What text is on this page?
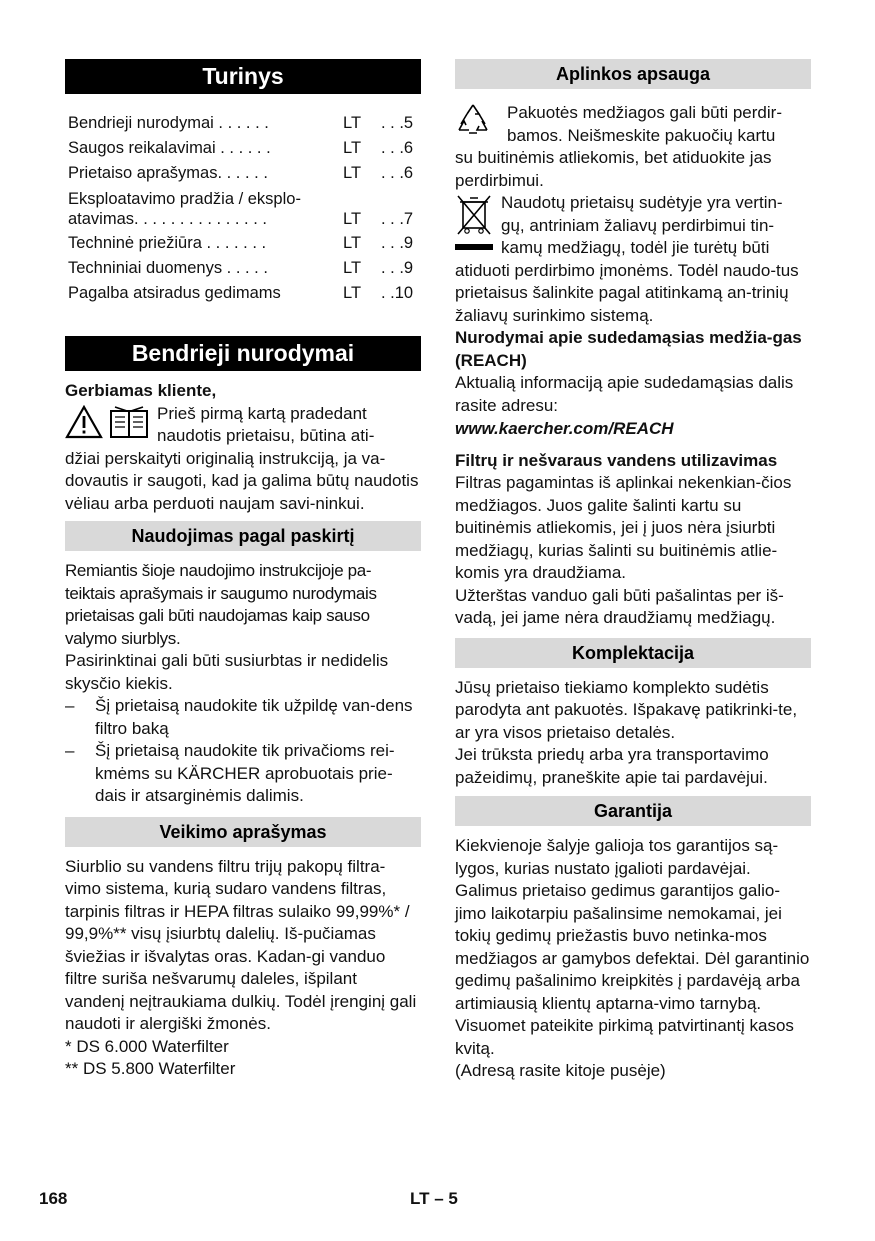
Turinys
Bendrieji nurodymai . . . . . .	LT	. . .5
Saugos reikalavimai . . . . . .	LT	. . .6
Prietaiso aprašymas. . . . . .	LT	. . .6
Eksploatavimo pradžia / eksplo-
atavimas. . . . . . . . . . . . . . .	LT	. . .7
Techninė priežiūra . . . . . . .	LT	. . .9
Techniniai duomenys . . . . .	LT	. . .9
Pagalba atsiradus gedimams	LT	. .10
Bendrieji nurodymai

Gerbiamas kliente,

Prieš pirmą kartą pradedant

naudotis prietaisu, būtina ati-

džiai perskaityti originalią instrukciją, ja va-dovautis ir saugoti, kad ja galima būtų naudotis vėliau arba perduoti naujam savi-ninkui.

Naudojimas pagal paskirtį

Remiantis šioje naudojimo instrukcijoje pa-teiktais aprašymais ir saugumo nurodymais prietaisas gali būti naudojamas kaip sauso valymo siurblys.

Pasirinktinai gali būti susiurbtas ir nedidelis skysčio kiekis.

–	Šį prietaisą naudokite tik užpildę van-dens filtro baką
–	Šį prietaisą naudokite tik privačioms rei-kmėms su KÄRCHER aprobuotais prie-dais ir atsarginėmis dalimis.
Veikimo aprašymas

Siurblio su vandens filtru trijų pakopų filtra-vimo sistema, kurią sudaro vandens filtras, tarpinis filtras ir HEPA filtras sulaiko 99,99%* / 99,9%** visų įsiurbtų dalelių. Iš-pučiamas šviežias ir išvalytas oras. Kadan-gi vanduo filtre suriša nešvarumų daleles, išpilant vandenį neįtraukiama dulkių. Todėl įrenginį gali naudoti ir alergiški žmonės.

* DS 6.000 Waterfilter

** DS 5.800 Waterfilter

Aplinkos apsauga

Pakuotės medžiagos gali būti perdir-

bamos. Neišmeskite pakuočių kartu

su buitinėmis atliekomis, bet atiduokite jas perdirbimui.

Naudotų prietaisų sudėtyje yra vertin-

gų, antriniam žaliavų perdirbimui tin-

kamų medžiagų, todėl jie turėtų būti

atiduoti perdirbimo įmonėms. Todėl naudo-tus prietaisus šalinkite pagal atitinkamą an-trinių žaliavų surinkimo sistemą.

Nurodymai apie sudedamąsias medžia-gas (REACH)

Aktualią informaciją apie sudedamąsias dalis rasite adresu:

www.kaercher.com/REACH

Filtrų ir nešvaraus vandens utilizavimas

Filtras pagamintas iš aplinkai nekenkian-čios medžiagos. Juos galite šalinti kartu su buitinėmis atliekomis, jei į juos nėra įsiurbti medžiagų, kurias šalinti su buitinėmis atlie-komis yra draudžiama.

Užterštas vanduo gali būti pašalintas per iš-vadą, jei jame nėra draudžiamų medžiagų.

Komplektacija

Jūsų prietaiso tiekiamo komplekto sudėtis parodyta ant pakuotės. Išpakavę patikrinki-te, ar yra visos prietaiso detalės.

Jei trūksta priedų arba yra transportavimo pažeidimų, praneškite apie tai pardavėjui.

Garantija

Kiekvienoje šalyje galioja tos garantijos są-lygos, kurias nustato įgalioti pardavėjai. Galimus prietaiso gedimus garantijos galio-jimo laikotarpiu pašalinsime nemokamai, jei tokių gedimų priežastis buvo netinka-mos medžiagos ar gamybos defektai. Dėl garantinio gedimų pašalinimo kreipkitės į pardavėją arba artimiausią klientų aptarna-vimo tarnybą. Visuomet pateikite pirkimą patvirtinantį kasos kvitą.

(Adresą rasite kitoje pusėje)

168	LT – 5
